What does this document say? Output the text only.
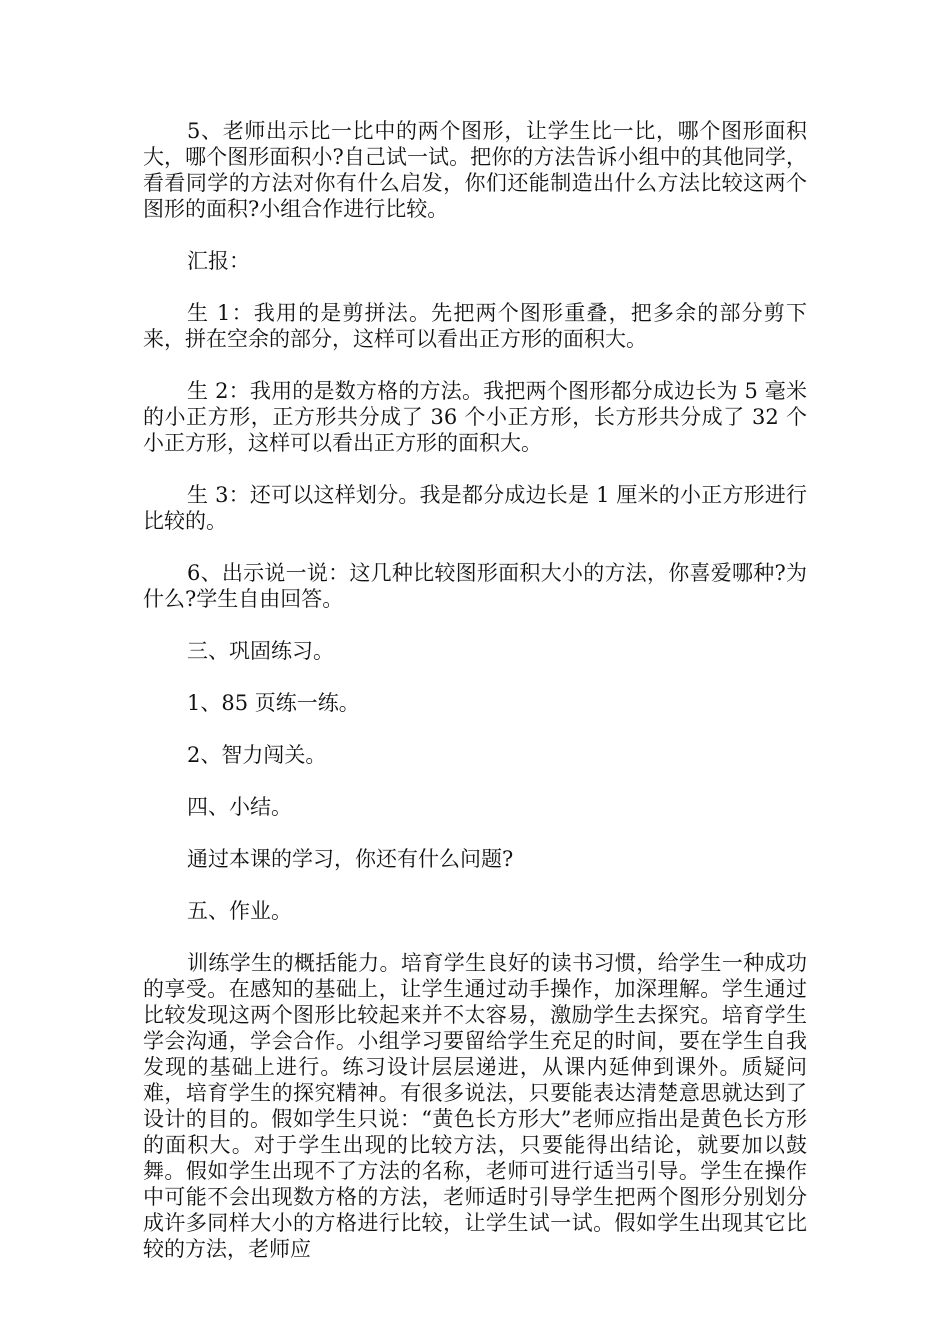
5、老师出示比一比中的两个图形，让学生比一比，哪个图形面积大，哪个图形面积小?自己试一试。把你的方法告诉小组中的其他同学，看看同学的方法对你有什么启发，你们还能制造出什么方法比较这两个图形的面积?小组合作进行比较。

汇报：

生 1：我用的是剪拼法。先把两个图形重叠，把多余的部分剪下来，拼在空余的部分，这样可以看出正方形的面积大。

生 2：我用的是数方格的方法。我把两个图形都分成边长为 5 毫米的小正方形，正方形共分成了 36 个小正方形，长方形共分成了 32 个小正方形，这样可以看出正方形的面积大。

生 3：还可以这样划分。我是都分成边长是 1 厘米的小正方形进行比较的。

6、出示说一说：这几种比较图形面积大小的方法，你喜爱哪种?为什么?学生自由回答。

三、巩固练习。

1、85 页练一练。

2、智力闯关。

四、小结。

通过本课的学习，你还有什么问题?

五、作业。

训练学生的概括能力。培育学生良好的读书习惯，给学生一种成功的享受。在感知的基础上，让学生通过动手操作，加深理解。学生通过比较发现这两个图形比较起来并不太容易，激励学生去探究。培育学生学会沟通，学会合作。小组学习要留给学生充足的时间，要在学生自我发现的基础上进行。练习设计层层递进，从课内延伸到课外。质疑问难，培育学生的探究精神。有很多说法，只要能表达清楚意思就达到了设计的目的。假如学生只说：“黄色长方形大”老师应指出是黄色长方形的面积大。对于学生出现的比较方法，只要能得出结论，就要加以鼓舞。假如学生出现不了方法的名称，老师可进行适当引导。学生在操作中可能不会出现数方格的方法，老师适时引导学生把两个图形分别划分成许多同样大小的方格进行比较，让学生试一试。假如学生出现其它比较的方法，老师应
